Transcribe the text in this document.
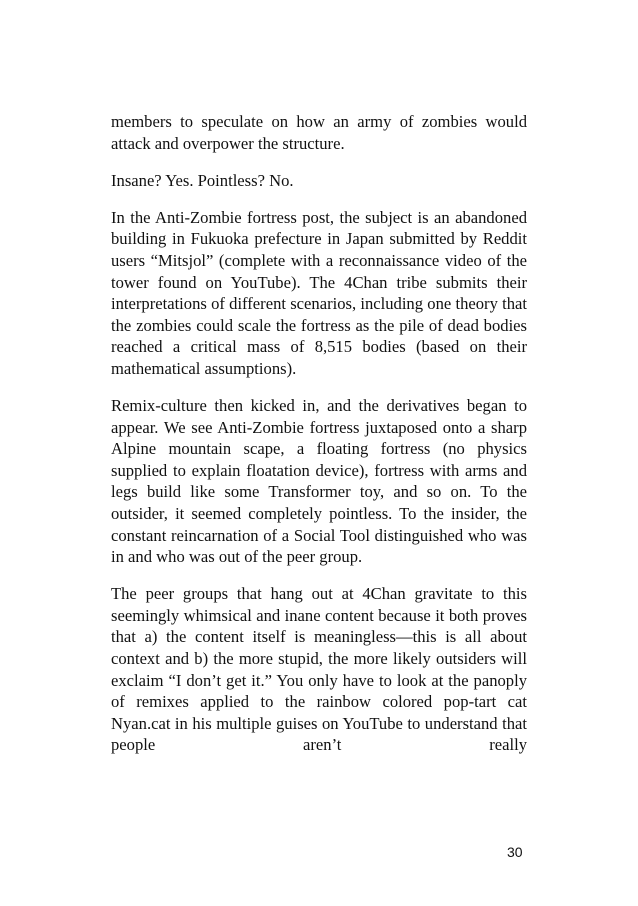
members to speculate on how an army of zombies would attack and overpower the structure.

Insane? Yes. Pointless? No.

In the Anti-Zombie fortress post, the subject is an abandoned building in Fukuoka prefecture in Japan submitted by Reddit users “Mitsjol” (complete with a reconnaissance video of the tower found on YouTube). The 4Chan tribe submits their interpretations of different scenarios, including one theory that the zombies could scale the fortress as the pile of dead bodies reached a critical mass of 8,515 bodies (based on their mathematical assumptions).

Remix-culture then kicked in, and the derivatives began to appear. We see Anti-Zombie fortress juxtaposed onto a sharp Alpine mountain scape, a floating fortress (no physics supplied to explain floatation device), fortress with arms and legs build like some Transformer toy, and so on. To the outsider, it seemed completely pointless. To the insider, the constant reincarnation of a Social Tool distinguished who was in and who was out of the peer group.

The peer groups that hang out at 4Chan gravitate to this seemingly whimsical and inane content because it both proves that a) the content itself is meaningless—this is all about context and b) the more stupid, the more likely outsiders will exclaim “I don’t get it.” You only have to look at the panoply of remixes applied to the rainbow colored pop-tart cat Nyan.cat in his multiple guises on YouTube to understand that people aren’t really

30
